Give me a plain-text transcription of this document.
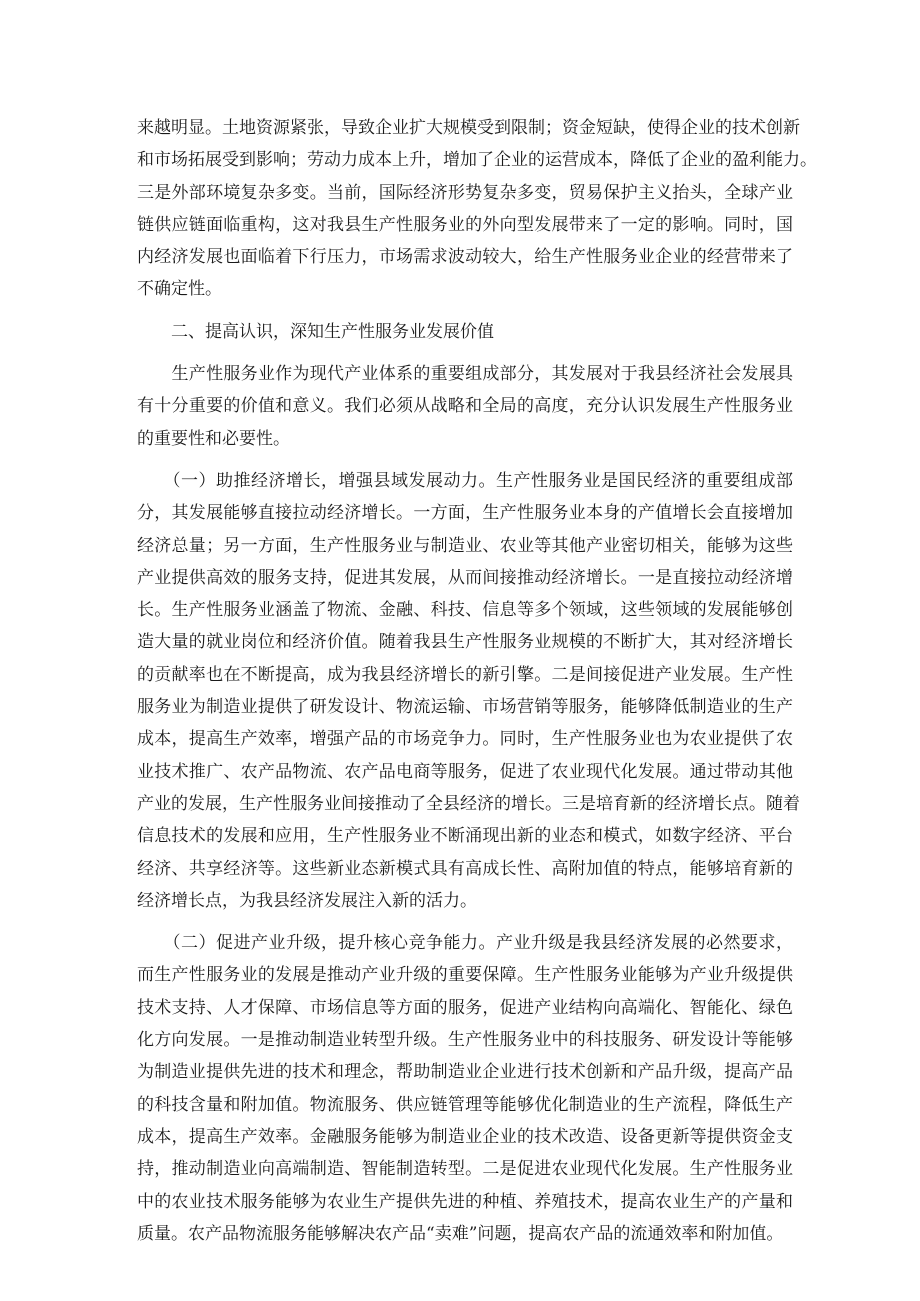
来越明显。土地资源紧张，导致企业扩大规模受到限制；资金短缺，使得企业的技术创新
和市场拓展受到影响；劳动力成本上升，增加了企业的运营成本，降低了企业的盈利能力。
三是外部环境复杂多变。当前，国际经济形势复杂多变，贸易保护主义抬头，全球产业
链供应链面临重构，这对我县生产性服务业的外向型发展带来了一定的影响。同时，国
内经济发展也面临着下行压力，市场需求波动较大，给生产性服务业企业的经营带来了
不确定性。
　　二、提高认识，深知生产性服务业发展价值
　　生产性服务业作为现代产业体系的重要组成部分，其发展对于我县经济社会发展具
有十分重要的价值和意义。我们必须从战略和全局的高度，充分认识发展生产性服务业
的重要性和必要性。
　　（一）助推经济增长，增强县域发展动力。生产性服务业是国民经济的重要组成部
分，其发展能够直接拉动经济增长。一方面，生产性服务业本身的产值增长会直接增加
经济总量；另一方面，生产性服务业与制造业、农业等其他产业密切相关，能够为这些
产业提供高效的服务支持，促进其发展，从而间接推动经济增长。一是直接拉动经济增
长。生产性服务业涵盖了物流、金融、科技、信息等多个领域，这些领域的发展能够创
造大量的就业岗位和经济价值。随着我县生产性服务业规模的不断扩大，其对经济增长
的贡献率也在不断提高，成为我县经济增长的新引擎。二是间接促进产业发展。生产性
服务业为制造业提供了研发设计、物流运输、市场营销等服务，能够降低制造业的生产
成本，提高生产效率，增强产品的市场竞争力。同时，生产性服务业也为农业提供了农
业技术推广、农产品物流、农产品电商等服务，促进了农业现代化发展。通过带动其他
产业的发展，生产性服务业间接推动了全县经济的增长。三是培育新的经济增长点。随着
信息技术的发展和应用，生产性服务业不断涌现出新的业态和模式，如数字经济、平台
经济、共享经济等。这些新业态新模式具有高成长性、高附加值的特点，能够培育新的
经济增长点，为我县经济发展注入新的活力。
　　（二）促进产业升级，提升核心竞争能力。产业升级是我县经济发展的必然要求，
而生产性服务业的发展是推动产业升级的重要保障。生产性服务业能够为产业升级提供
技术支持、人才保障、市场信息等方面的服务，促进产业结构向高端化、智能化、绿色
化方向发展。一是推动制造业转型升级。生产性服务业中的科技服务、研发设计等能够
为制造业提供先进的技术和理念，帮助制造业企业进行技术创新和产品升级，提高产品
的科技含量和附加值。物流服务、供应链管理等能够优化制造业的生产流程，降低生产
成本，提高生产效率。金融服务能够为制造业企业的技术改造、设备更新等提供资金支
持，推动制造业向高端制造、智能制造转型。二是促进农业现代化发展。生产性服务业
中的农业技术服务能够为农业生产提供先进的种植、养殖技术，提高农业生产的产量和
质量。农产品物流服务能够解决农产品“卖难”问题，提高农产品的流通效率和附加值。
